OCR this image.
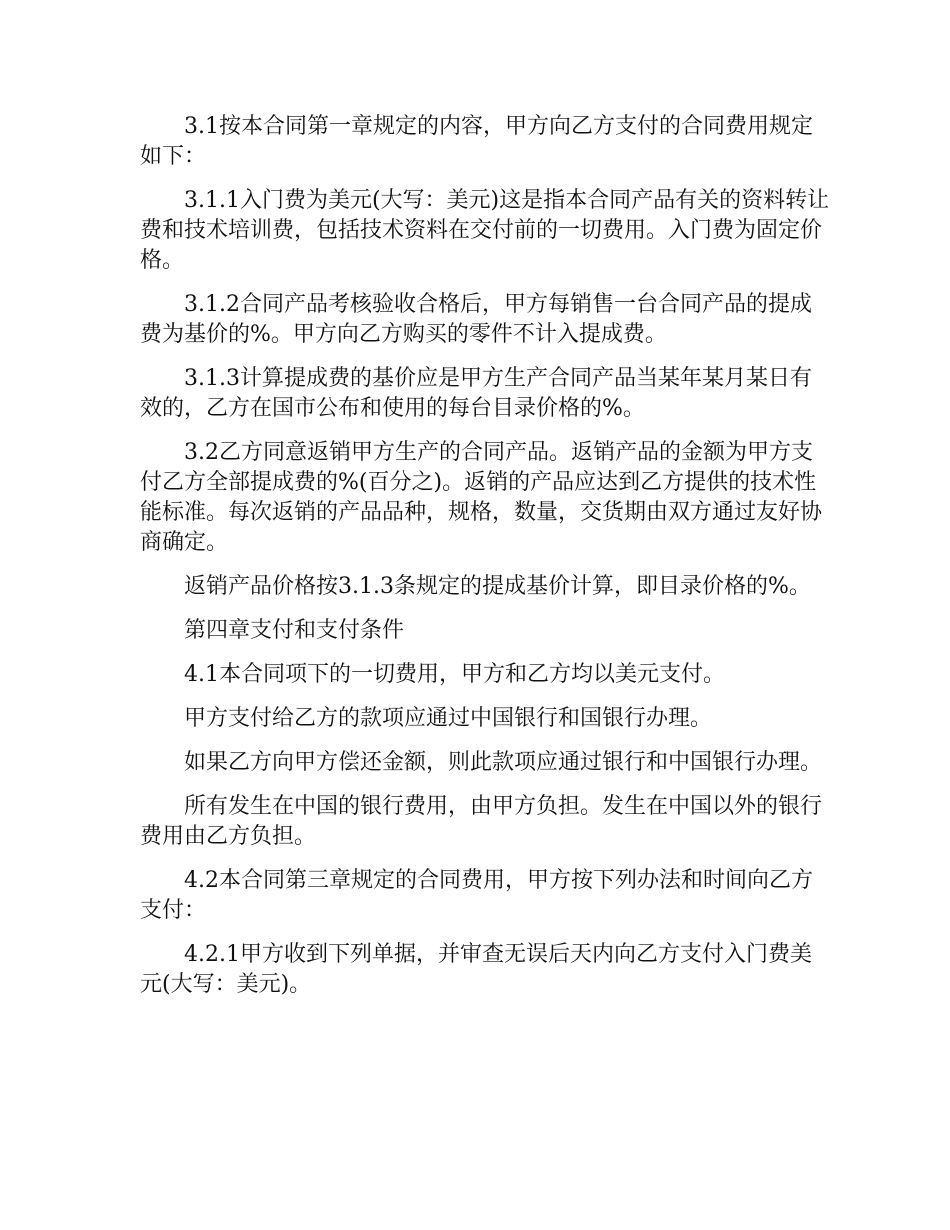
3.1按本合同第一章规定的内容，甲方向乙方支付的合同费用规定如下：

3.1.1入门费为美元(大写：美元)这是指本合同产品有关的资料转让费和技术培训费，包括技术资料在交付前的一切费用。入门费为固定价格。

3.1.2合同产品考核验收合格后，甲方每销售一台合同产品的提成费为基价的%。甲方向乙方购买的零件不计入提成费。

3.1.3计算提成费的基价应是甲方生产合同产品当某年某月某日有效的，乙方在国市公布和使用的每台目录价格的%。

3.2乙方同意返销甲方生产的合同产品。返销产品的金额为甲方支付乙方全部提成费的%(百分之)。返销的产品应达到乙方提供的技术性能标准。每次返销的产品品种，规格，数量，交货期由双方通过友好协商确定。

返销产品价格按3.1.3条规定的提成基价计算，即目录价格的%。

第四章支付和支付条件

4.1本合同项下的一切费用，甲方和乙方均以美元支付。

甲方支付给乙方的款项应通过中国银行和国银行办理。

如果乙方向甲方偿还金额，则此款项应通过银行和中国银行办理。

所有发生在中国的银行费用，由甲方负担。发生在中国以外的银行费用由乙方负担。

4.2本合同第三章规定的合同费用，甲方按下列办法和时间向乙方支付：

4.2.1甲方收到下列单据，并审查无误后天内向乙方支付入门费美元(大写：美元)。
